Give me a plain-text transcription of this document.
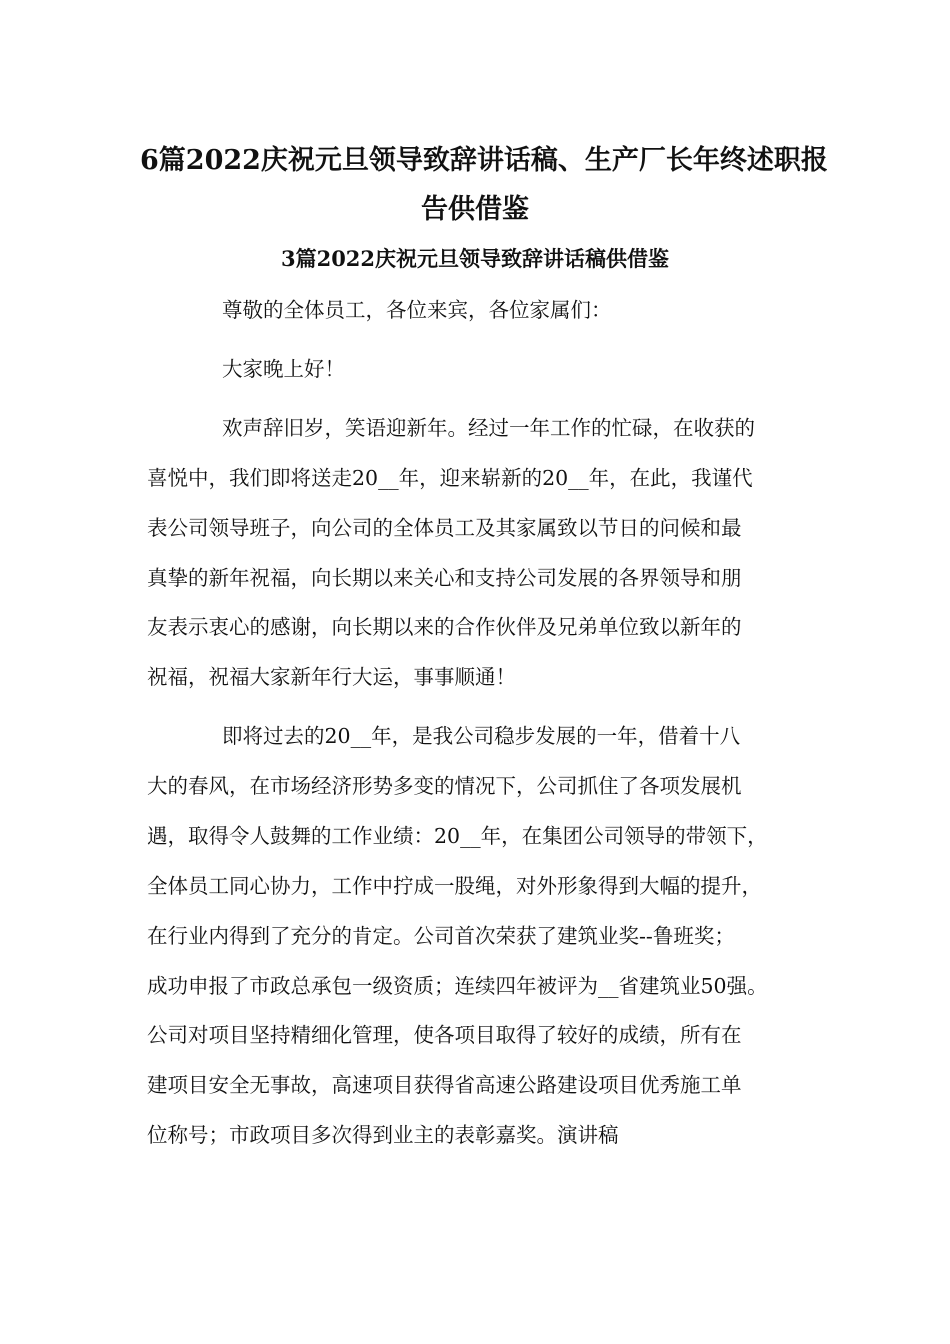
6篇2022庆祝元旦领导致辞讲话稿、生产厂长年终述职报
告供借鉴
3篇2022庆祝元旦领导致辞讲话稿供借鉴
尊敬的全体员工，各位来宾，各位家属们：
大家晚上好！
欢声辞旧岁，笑语迎新年。经过一年工作的忙碌，在收获的
喜悦中，我们即将送走20__年，迎来崭新的20__年，在此，我谨代
表公司领导班子，向公司的全体员工及其家属致以节日的问候和最
真挚的新年祝福，向长期以来关心和支持公司发展的各界领导和朋
友表示衷心的感谢，向长期以来的合作伙伴及兄弟单位致以新年的
祝福，祝福大家新年行大运，事事顺通！
即将过去的20__年，是我公司稳步发展的一年，借着十八
大的春风，在市场经济形势多变的情况下，公司抓住了各项发展机
遇，取得令人鼓舞的工作业绩：20__年，在集团公司领导的带领下，
全体员工同心协力，工作中拧成一股绳，对外形象得到大幅的提升，
在行业内得到了充分的肯定。公司首次荣获了建筑业奖--鲁班奖；
成功申报了市政总承包一级资质；连续四年被评为__省建筑业50强。
公司对项目坚持精细化管理，使各项目取得了较好的成绩，所有在
建项目安全无事故，高速项目获得省高速公路建设项目优秀施工单
位称号；市政项目多次得到业主的表彰嘉奖。演讲稿
